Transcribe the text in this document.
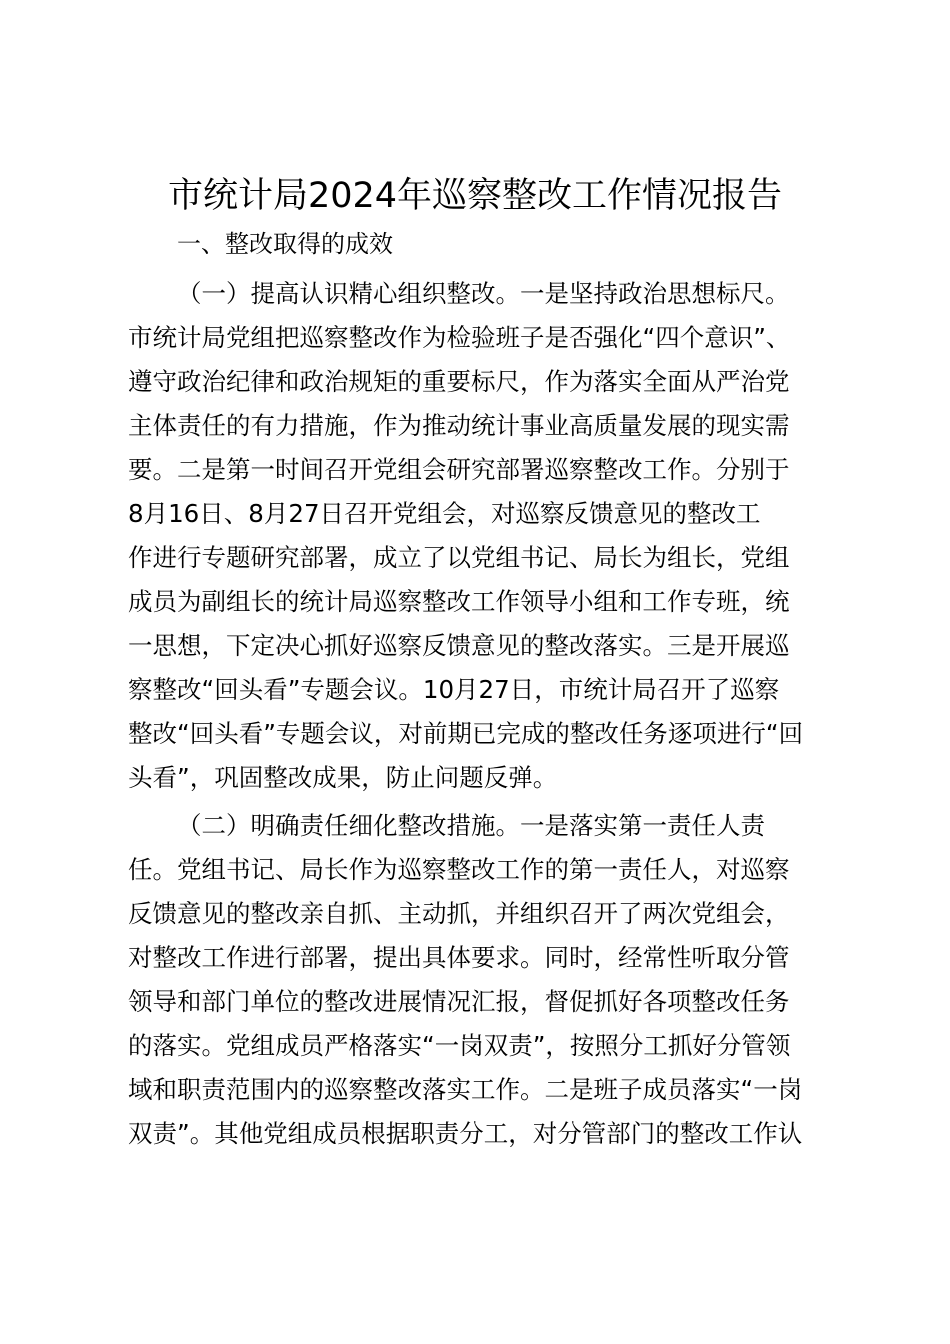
市统计局2024年巡察整改工作情况报告
一、整改取得的成效
（一）提高认识精心组织整改。一是坚持政治思想标尺。
市统计局党组把巡察整改作为检验班子是否强化“四个意识”、
遵守政治纪律和政治规矩的重要标尺，作为落实全面从严治党
主体责任的有力措施，作为推动统计事业高质量发展的现实需
要。二是第一时间召开党组会研究部署巡察整改工作。分别于
8月16日、8月27日召开党组会，对巡察反馈意见的整改工
作进行专题研究部署，成立了以党组书记、局长为组长，党组
成员为副组长的统计局巡察整改工作领导小组和工作专班，统
一思想，下定决心抓好巡察反馈意见的整改落实。三是开展巡
察整改“回头看”专题会议。10月27日，市统计局召开了巡察
整改“回头看”专题会议，对前期已完成的整改任务逐项进行“回
头看”，巩固整改成果，防止问题反弹。
（二）明确责任细化整改措施。一是落实第一责任人责
任。党组书记、局长作为巡察整改工作的第一责任人，对巡察
反馈意见的整改亲自抓、主动抓，并组织召开了两次党组会，
对整改工作进行部署，提出具体要求。同时，经常性听取分管
领导和部门单位的整改进展情况汇报，督促抓好各项整改任务
的落实。党组成员严格落实“一岗双责”，按照分工抓好分管领
域和职责范围内的巡察整改落实工作。二是班子成员落实“一岗
双责”。其他党组成员根据职责分工，对分管部门的整改工作认
